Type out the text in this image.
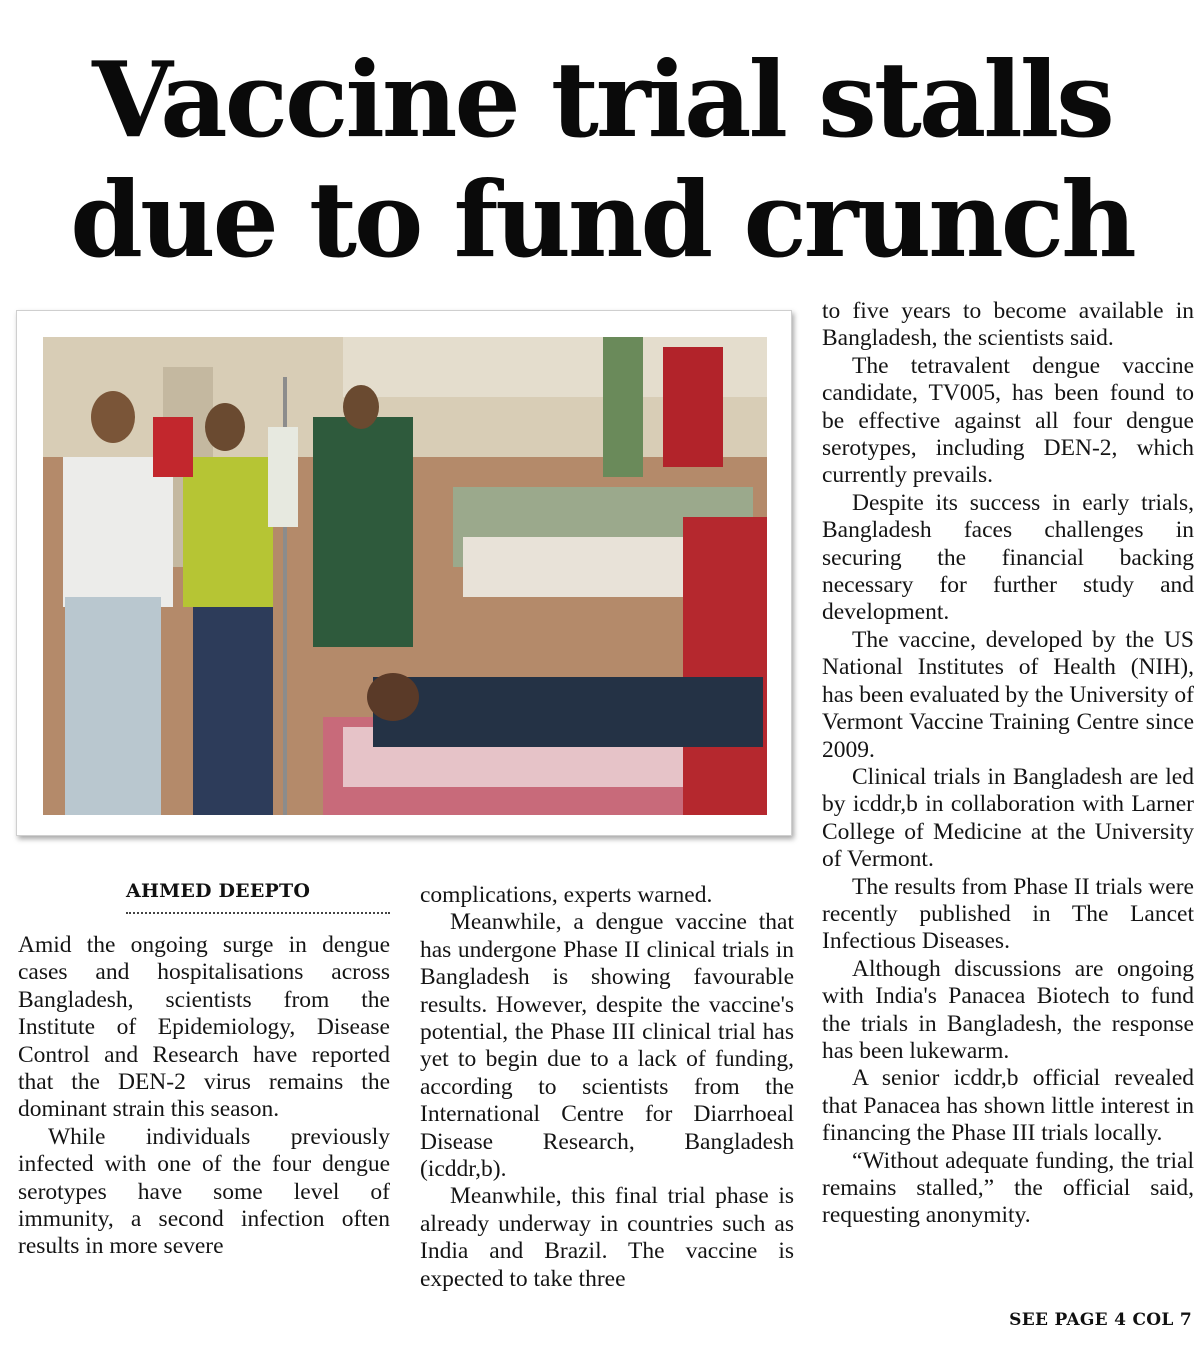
Vaccine trial stalls
due to fund crunch
AHMED DEEPTO

Amid the ongoing surge in dengue cases and hospitalisations across Bangladesh, scientists from the Institute of Epidemiology, Disease Control and Research have reported that the DEN-2 virus remains the dominant strain this season.

While individuals previously infected with one of the four dengue serotypes have some level of immunity, a second infection often results in more severe

complications, experts warned.

Meanwhile, a dengue vaccine that has undergone Phase II clinical trials in Bangladesh is showing favourable results. However, despite the vaccine's potential, the Phase III clinical trial has yet to begin due to a lack of funding, according to scientists from the International Centre for Diarrhoeal Disease Research, Bangladesh (icddr,b).

Meanwhile, this final trial phase is already underway in countries such as India and Brazil. The vaccine is expected to take three

to five years to become available in Bangladesh, the scientists said.

The tetravalent dengue vaccine candidate, TV005, has been found to be effective against all four dengue serotypes, including DEN-2, which currently prevails.

Despite its success in early trials, Bangladesh faces challenges in securing the financial backing necessary for further study and development.

The vaccine, developed by the US National Institutes of Health (NIH), has been evaluated by the University of Vermont Vaccine Training Centre since 2009.

Clinical trials in Bangladesh are led by icddr,b in collaboration with Larner College of Medicine at the University of Vermont.

The results from Phase II trials were recently published in The Lancet Infectious Diseases.

Although discussions are ongoing with India's Panacea Biotech to fund the trials in Bangladesh, the response has been lukewarm.

A senior icddr,b official revealed that Panacea has shown little interest in financing the Phase III trials locally.

“Without adequate funding, the trial remains stalled,” the official said, requesting anonymity.

SEE PAGE 4 COL 7
